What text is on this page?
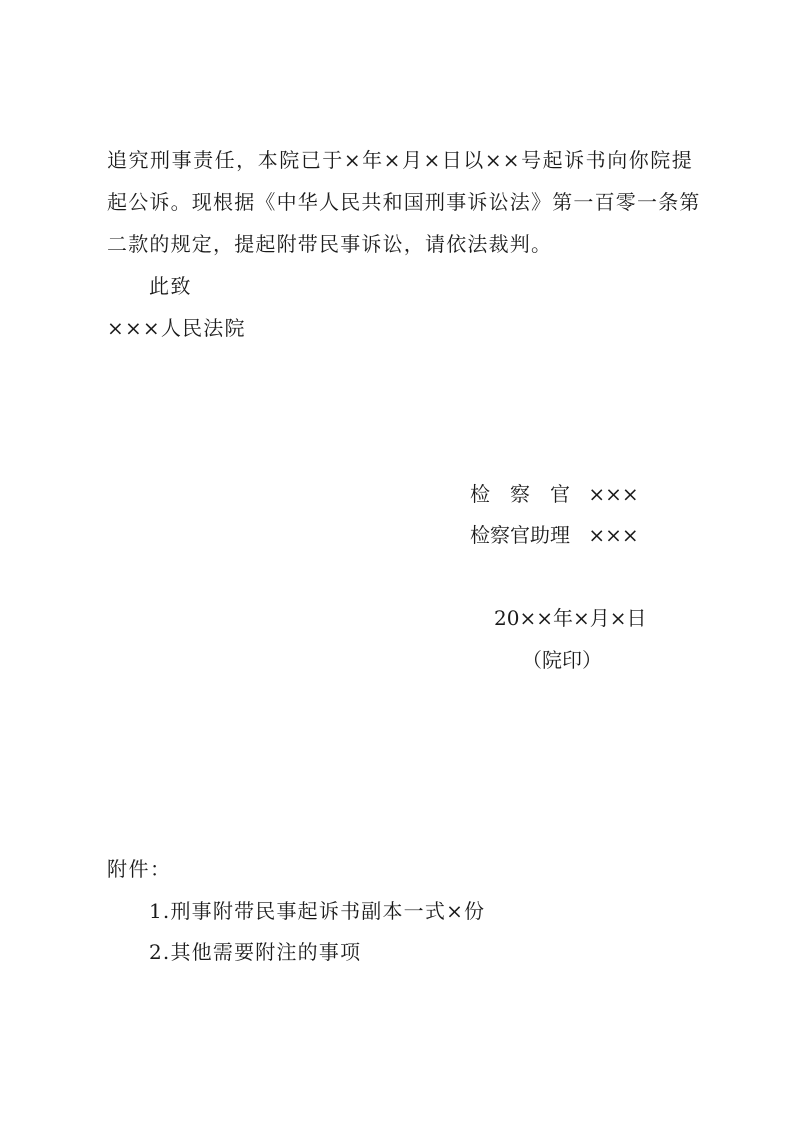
追究刑事责任，本院已于×年×月×日以××号起诉书向你院提
起公诉。现根据《中华人民共和国刑事诉讼法》第一百零一条第
二款的规定，提起附带民事诉讼，请依法裁判。
此致
×××人民法院
检　察　官 ×××
检察官助理 ×××
20××年×月×日
（院印）
附件：
1.刑事附带民事起诉书副本一式×份
2.其他需要附注的事项
